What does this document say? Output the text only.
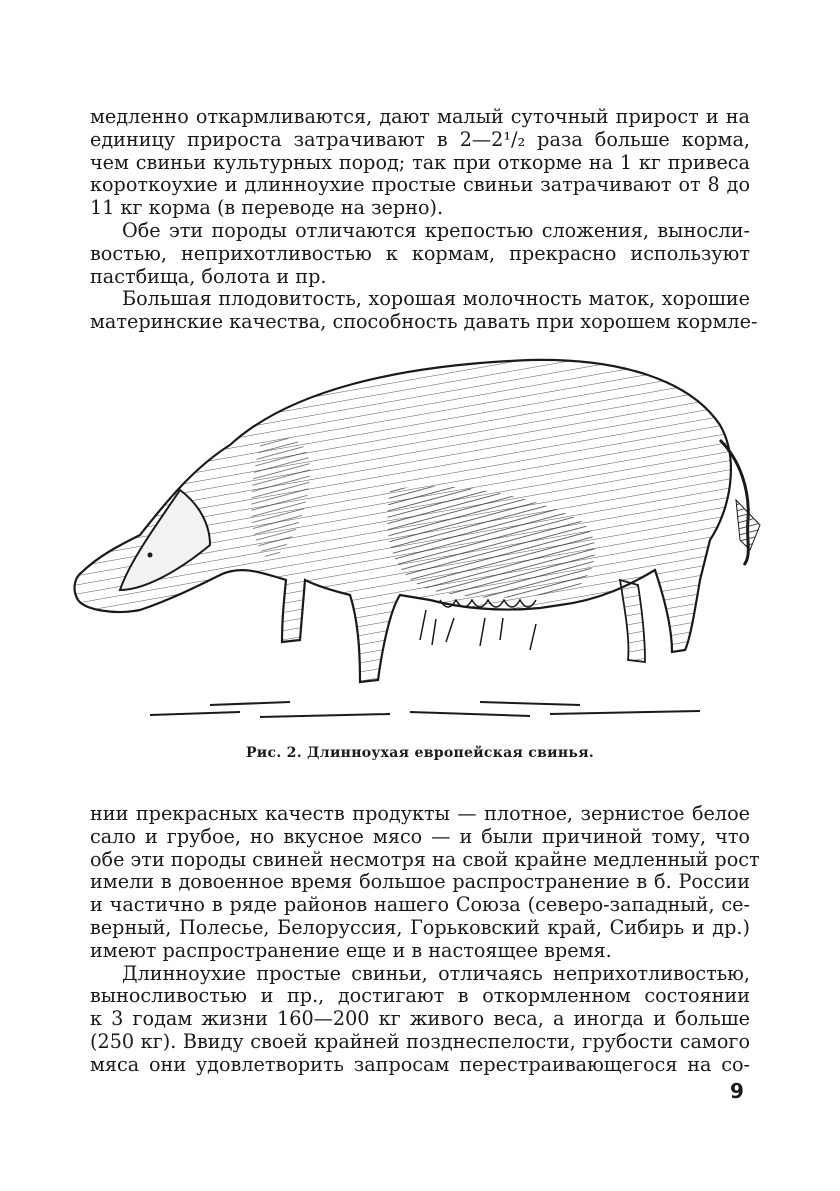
медленно откармливаются, дают малый суточный прирост и на
единицу прироста затрачивают в 2—2¹/₂ раза больше корма,
чем свиньи культурных пород; так при откорме на 1 кг привеса
короткоухие и длинноухие простые свиньи затрачивают от 8 до
11 кг корма (в переводе на зерно).
Обе эти породы отличаются крепостью сложения, выносли-
востью, неприхотливостью к кормам, прекрасно используют
пастбища, болота и пр.
Большая плодовитость, хорошая молочность маток, хорошие
материнские качества, способность давать при хорошем кормле-
Рис. 2. Длинноухая европейская свинья.
нии прекрасных качеств продукты — плотное, зернистое белое
сало и грубое, но вкусное мясо — и были причиной тому, что
обе эти породы свиней несмотря на свой крайне медленный рост
имели в довоенное время большое распространение в б. России
и частично в ряде районов нашего Союза (северо-западный, се-
верный, Полесье, Белоруссия, Горьковский край, Сибирь и др.)
имеют распространение еще и в настоящее время.
Длинноухие простые свиньи, отличаясь неприхотливостью,
выносливостью и пр., достигают в откормленном состоянии
к 3 годам жизни 160—200 кг живого веса, а иногда и больше
(250 кг). Ввиду своей крайней позднеспелости, грубости самого
мяса они удовлетворить запросам перестраивающегося на со-
9
